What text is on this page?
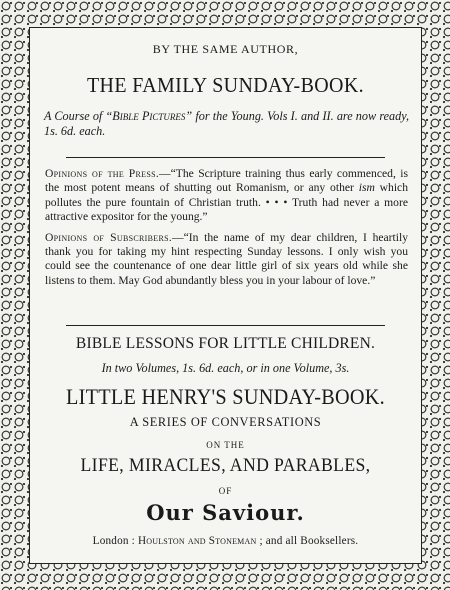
BY THE SAME AUTHOR,
THE FAMILY SUNDAY-BOOK.
A Course of “Bible Pictures” for the Young. Vols I. and II. are now ready, 1s. 6d. each.

Opinions of the Press.—“The Scripture training thus early commenced, is the most potent means of shutting out Romanism, or any other ism which pollutes the pure fountain of Christian truth. • • • Truth had never a more attractive expositor for the young.”

Opinions of Subscribers.—“In the name of my dear children, I heartily thank you for taking my hint respecting Sunday lessons. I only wish you could see the countenance of one dear little girl of six years old while she listens to them. May God abundantly bless you in your labour of love.”

BIBLE LESSONS FOR LITTLE CHILDREN.
In two Volumes, 1s. 6d. each, or in one Volume, 3s.
LITTLE HENRY'S SUNDAY-BOOK.
A SERIES OF CONVERSATIONS
ON THE
LIFE, MIRACLES, AND PARABLES,
OF
Our Saviour.
London : Houlston and Stoneman ; and all Booksellers.
